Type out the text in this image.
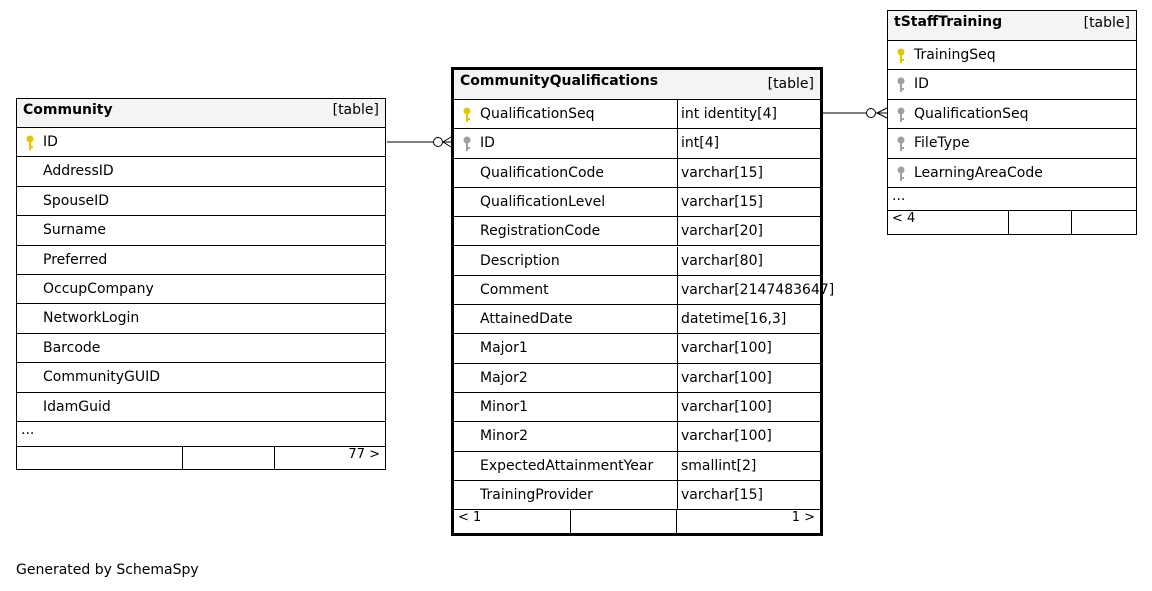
Community	[table]
ID
AddressID
SpouseID
Surname
Preferred
OccupCompany
NetworkLogin
Barcode
CommunityGUID
IdamGuid
...
77 >
CommunityQualifications	[table]
QualificationSeq	int identity[4]
ID	int[4]
QualificationCode	varchar[15]
QualificationLevel	varchar[15]
RegistrationCode	varchar[20]
Description	varchar[80]
Comment	varchar[2147483647]
AttainedDate	datetime[16,3]
Major1	varchar[100]
Major2	varchar[100]
Minor1	varchar[100]
Minor2	varchar[100]
ExpectedAttainmentYear smallint[2]
TrainingProvider	varchar[15]
< 1	1 >
tStaffTraining	[table]
TrainingSeq
ID
QualificationSeq
FileType
LearningAreaCode
...
< 4
Generated by SchemaSpy
